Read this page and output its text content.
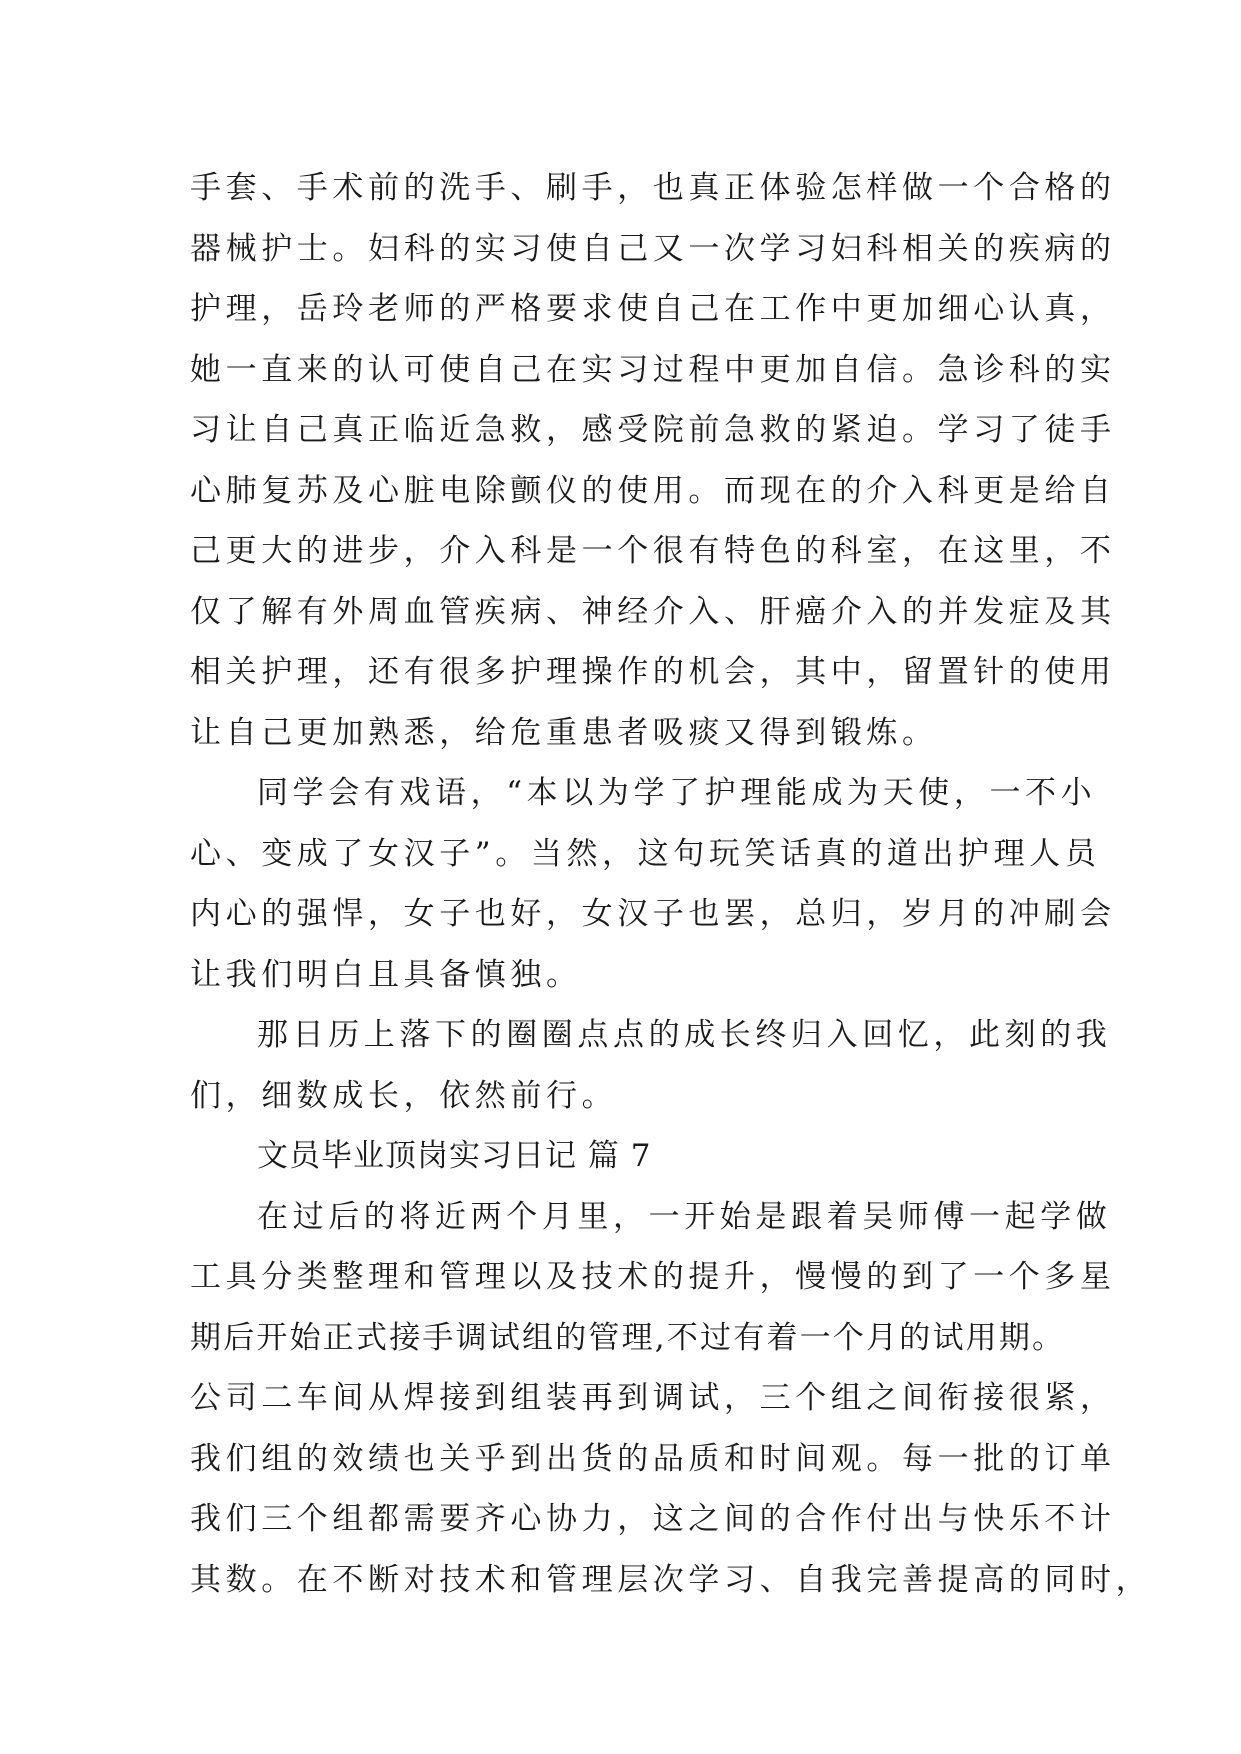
手套、手术前的洗手、刷手，也真正体验怎样做一个合格的
器械护士。妇科的实习使自己又一次学习妇科相关的疾病的
护理，岳玲老师的严格要求使自己在工作中更加细心认真，
她一直来的认可使自己在实习过程中更加自信。急诊科的实
习让自己真正临近急救，感受院前急救的紧迫。学习了徒手
心肺复苏及心脏电除颤仪的使用。而现在的介入科更是给自
己更大的进步，介入科是一个很有特色的科室，在这里，不
仅了解有外周血管疾病、神经介入、肝癌介入的并发症及其
相关护理，还有很多护理操作的机会，其中，留置针的使用
让自己更加熟悉，给危重患者吸痰又得到锻炼。
同学会有戏语，“本以为学了护理能成为天使，一不小
心、变成了女汉子”。当然，这句玩笑话真的道出护理人员
内心的强悍，女子也好，女汉子也罢，总归，岁月的冲刷会
让我们明白且具备慎独。
那日历上落下的圈圈点点的成长终归入回忆，此刻的我
们，细数成长，依然前行。
文员毕业顶岗实习日记 篇 7
在过后的将近两个月里，一开始是跟着吴师傅一起学做
工具分类整理和管理以及技术的提升，慢慢的到了一个多星
期后开始正式接手调试组的管理,不过有着一个月的试用期。
公司二车间从焊接到组装再到调试，三个组之间衔接很紧，
我们组的效绩也关乎到出货的品质和时间观。每一批的订单
我们三个组都需要齐心协力，这之间的合作付出与快乐不计
其数。在不断对技术和管理层次学习、自我完善提高的同时，
